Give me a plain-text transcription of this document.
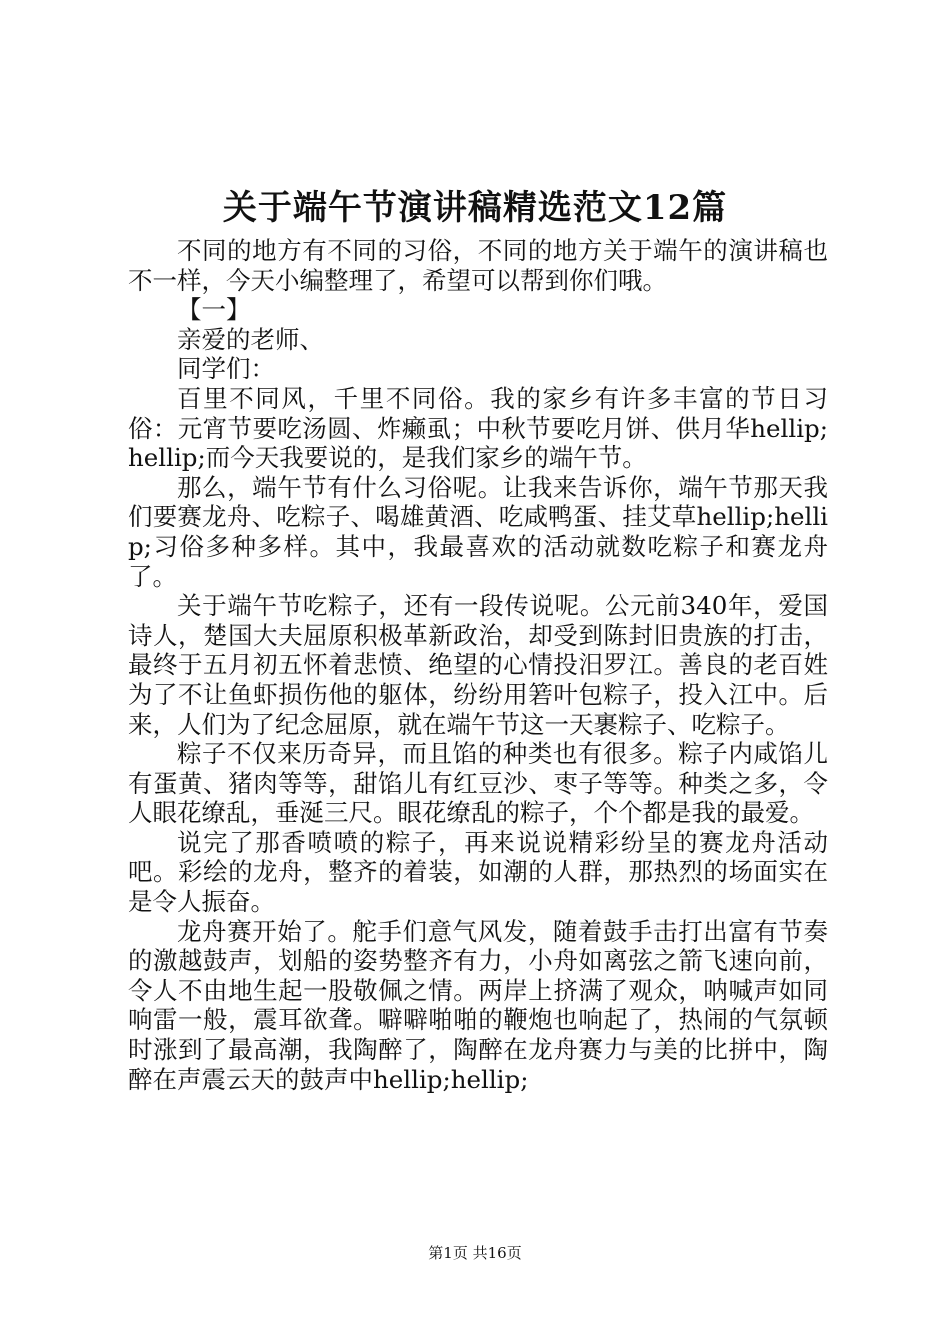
关于端午节演讲稿精选范文12篇

不同的地方有不同的习俗，不同的地方关于端午的演讲稿也不一样，今天小编整理了，希望可以帮到你们哦。

【一】

亲爱的老师、

同学们：

百里不同风，千里不同俗。我的家乡有许多丰富的节日习俗：元宵节要吃汤圆、炸癞虱；中秋节要吃月饼、供月华hellip;hellip;而今天我要说的，是我们家乡的端午节。

那么，端午节有什么习俗呢。让我来告诉你，端午节那天我们要赛龙舟、吃粽子、喝雄黄酒、吃咸鸭蛋、挂艾草hellip;hellip;习俗多种多样。其中，我最喜欢的活动就数吃粽子和赛龙舟了。

关于端午节吃粽子，还有一段传说呢。公元前340年，爱国诗人，楚国大夫屈原积极革新政治，却受到陈封旧贵族的打击，最终于五月初五怀着悲愤、绝望的心情投汨罗江。善良的老百姓为了不让鱼虾损伤他的躯体，纷纷用箬叶包粽子，投入江中。后来，人们为了纪念屈原，就在端午节这一天裹粽子、吃粽子。

粽子不仅来历奇异，而且馅的种类也有很多。粽子内咸馅儿有蛋黄、猪肉等等，甜馅儿有红豆沙、枣子等等。种类之多，令人眼花缭乱，垂涎三尺。眼花缭乱的粽子，个个都是我的最爱。

说完了那香喷喷的粽子，再来说说精彩纷呈的赛龙舟活动吧。彩绘的龙舟，整齐的着装，如潮的人群，那热烈的场面实在是令人振奋。

龙舟赛开始了。舵手们意气风发，随着鼓手击打出富有节奏的激越鼓声，划船的姿势整齐有力，小舟如离弦之箭飞速向前，令人不由地生起一股敬佩之情。两岸上挤满了观众，呐喊声如同响雷一般，震耳欲聋。噼噼啪啪的鞭炮也响起了，热闹的气氛顿时涨到了最高潮，我陶醉了，陶醉在龙舟赛力与美的比拼中，陶醉在声震云天的鼓声中hellip;hellip;

第1页 共16页
